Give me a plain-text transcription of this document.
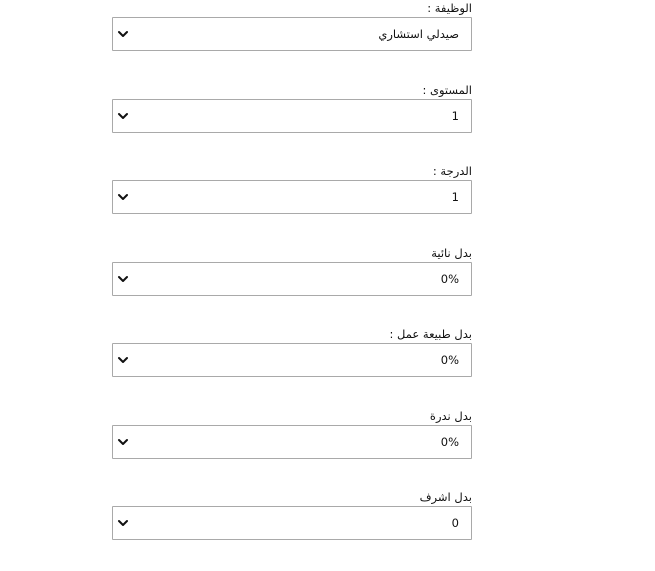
الوظيفة :
صيدلي استشاري
المستوى :
1
الدرجة :
1
بدل نائية
0%
بدل طبيعة عمل :
0%
بدل ندرة
0%
بدل اشرف
0
